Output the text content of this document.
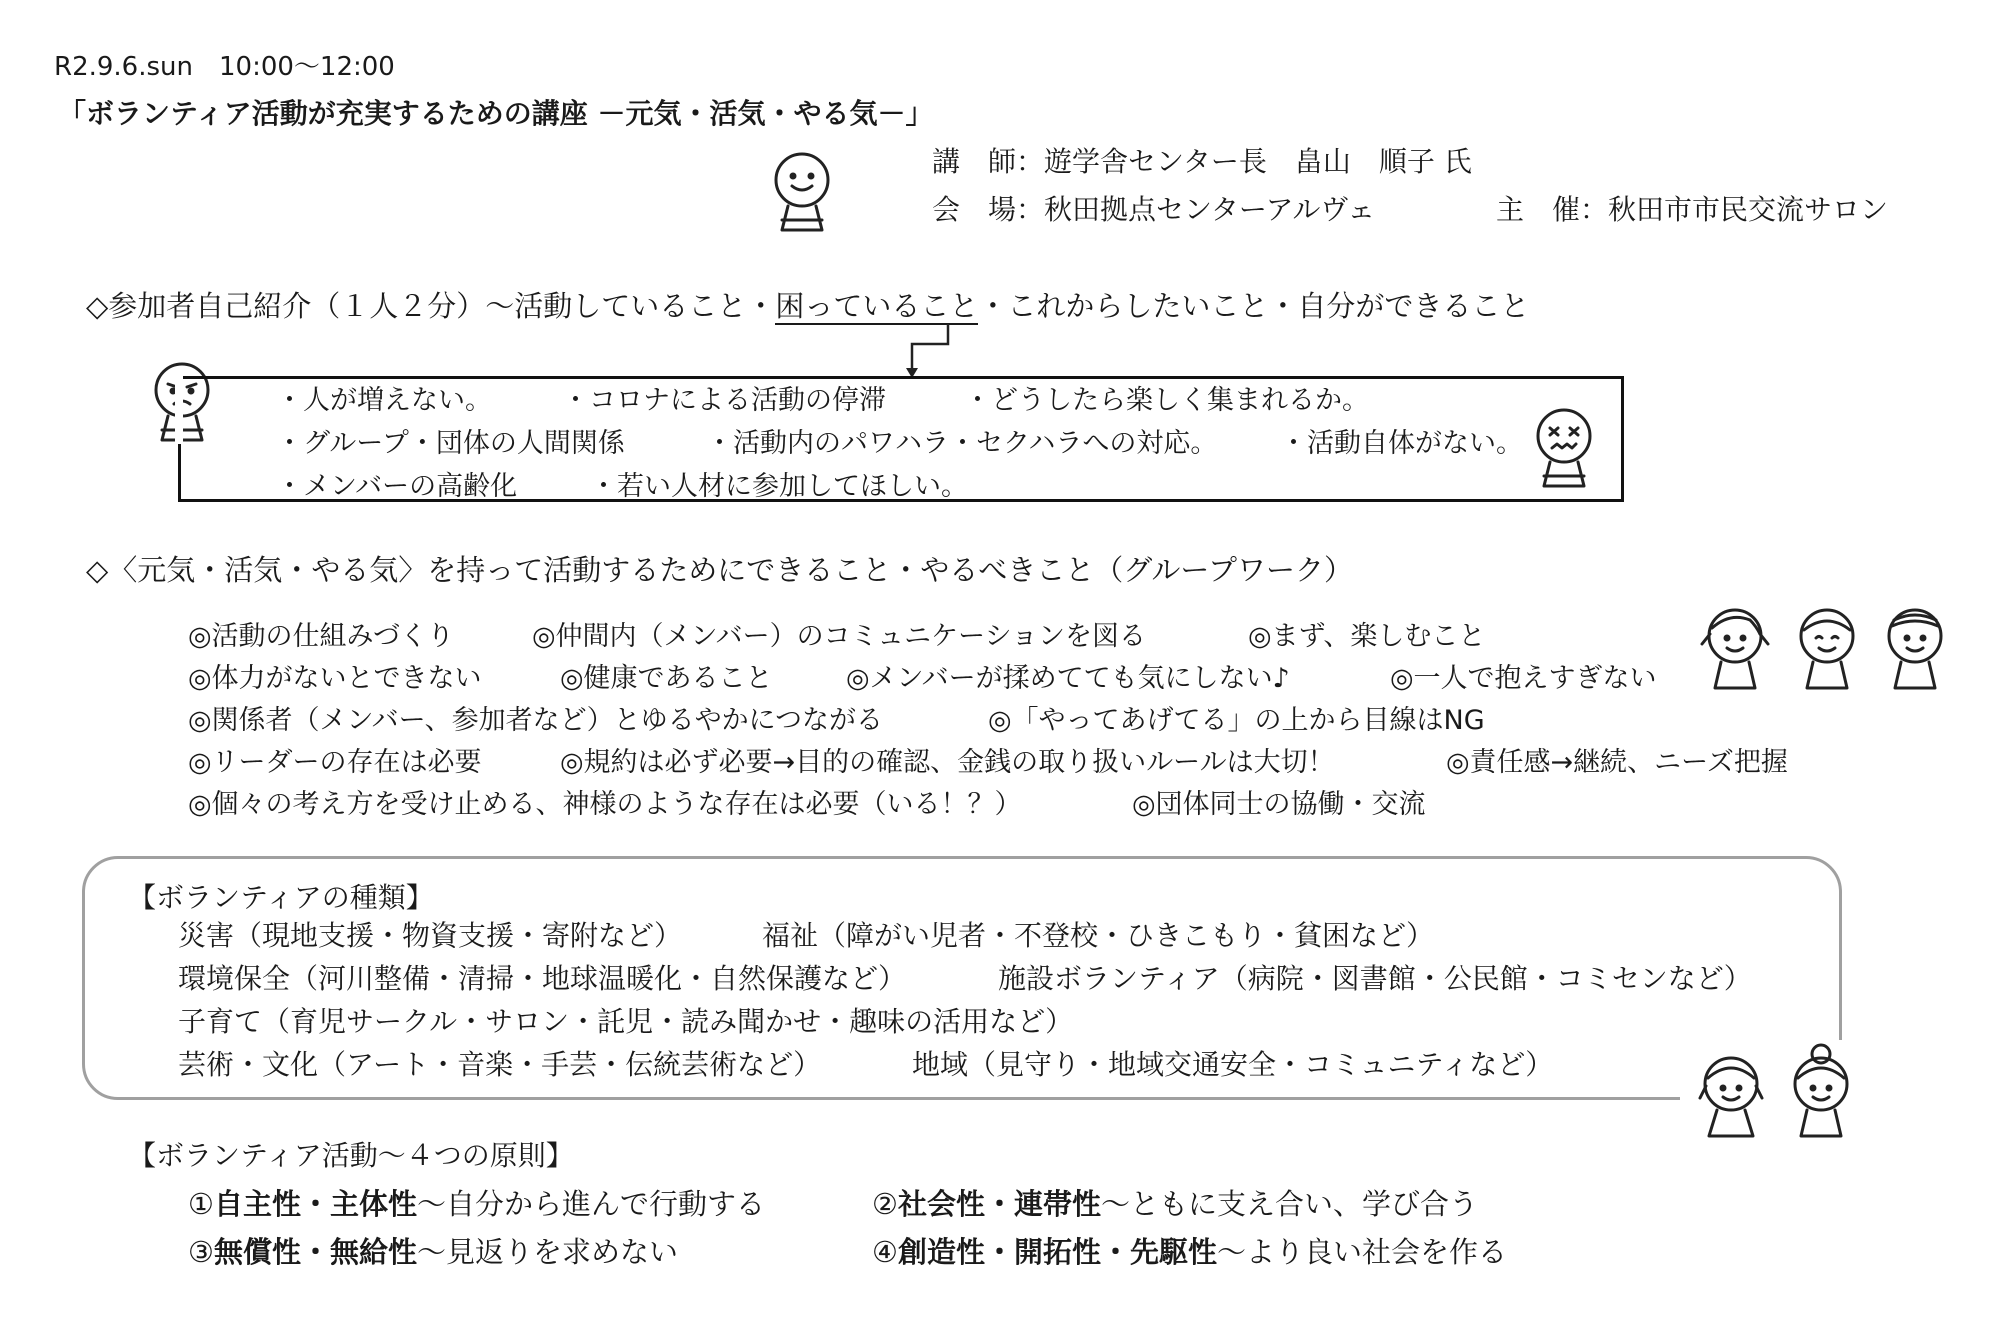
R2.9.6.sun　10:00～12:00
「ボランティア活動が充実するための講座 －元気・活気・やる気－」
講　師：遊学舎センター長　畠山　順子 氏
会　場：秋田拠点センターアルヴェ	主　催：秋田市市民交流サロン
◇参加者自己紹介（１人２分）～活動していること・困っていること・これからしたいこと・自分ができること
・人が増えない。	・コロナによる活動の停滞	・どうしたら楽しく集まれるか。
・グループ・団体の人間関係	・活動内のパワハラ・セクハラへの対応。 ・活動自体がない。
・メンバーの高齢化	・若い人材に参加してほしい。
◇〈元気・活気・やる気〉を持って活動するためにできること・やるべきこと（グループワーク）
◎活動の仕組みづくり	◎仲間内（メンバー）のコミュニケーションを図る	◎まず、楽しむこと
◎体力がないとできない	◎健康であること	◎メンバーが揉めてても気にしない♪	◎一人で抱えすぎない
◎関係者（メンバー、参加者など）とゆるやかにつながる	◎「やってあげてる」の上から目線はNG
◎リーダーの存在は必要	◎規約は必ず必要→目的の確認、金銭の取り扱いルールは大切！	◎責任感→継続、ニーズ把握
◎個々の考え方を受け止める、神様のような存在は必要（いる！？）	◎団体同士の協働・交流
【ボランティアの種類】
災害（現地支援・物資支援・寄附など）	福祉（障がい児者・不登校・ひきこもり・貧困など）
環境保全（河川整備・清掃・地球温暖化・自然保護など）	施設ボランティア（病院・図書館・公民館・コミセンなど）
子育て（育児サークル・サロン・託児・読み聞かせ・趣味の活用など）
芸術・文化（アート・音楽・手芸・伝統芸術など）	地域（見守り・地域交通安全・コミュニティなど）
【ボランティア活動～４つの原則】
①自主性・主体性～自分から進んで行動する	②社会性・連帯性～ともに支え合い、学び合う
③無償性・無給性～見返りを求めない	④創造性・開拓性・先駆性～より良い社会を作る
